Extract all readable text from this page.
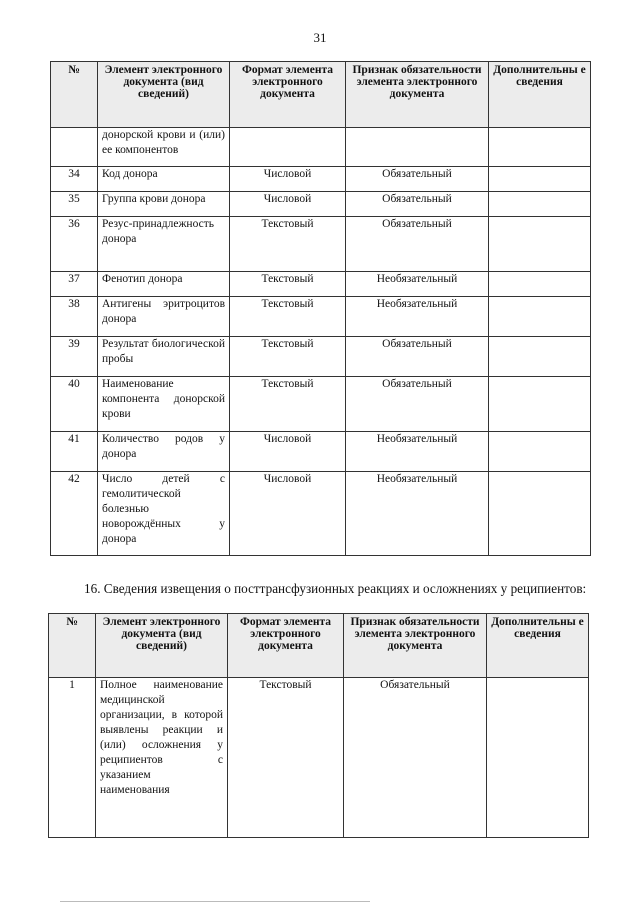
31
№	Элемент электронного документа (вид сведений)	Формат элемента электронного документа	Признак обязательности элемента электронного документа	Дополнительны е сведения
	донорской крови и (или) ее компонентов			
34	Код донора	Числовой	Обязательный	
35	Группа крови донора	Числовой	Обязательный	
36	Резус-принадлежность донора	Текстовый	Обязательный	
37	Фенотип донора	Текстовый	Необязательный	
38	Антигены эритроцитов донора	Текстовый	Необязательный	
39	Результат биологической пробы	Текстовый	Обязательный	
40	Наименование компонента донорской крови	Текстовый	Обязательный	
41	Количество родов у донора	Числовой	Необязательный	
42	Число детей с гемолитической болезнью новорождённых у донора	Числовой	Необязательный	

16. Сведения извещения о посттрансфузионных реакциях и осложнениях у реципиентов:

№	Элемент электронного документа (вид сведений)	Формат элемента электронного документа	Признак обязательности элемента электронного документа	Дополнительны е сведения
1	Полное наименование медицинской организации, в которой выявлены реакции и (или) осложнения у реципиентов с указанием наименования	Текстовый	Обязательный	
